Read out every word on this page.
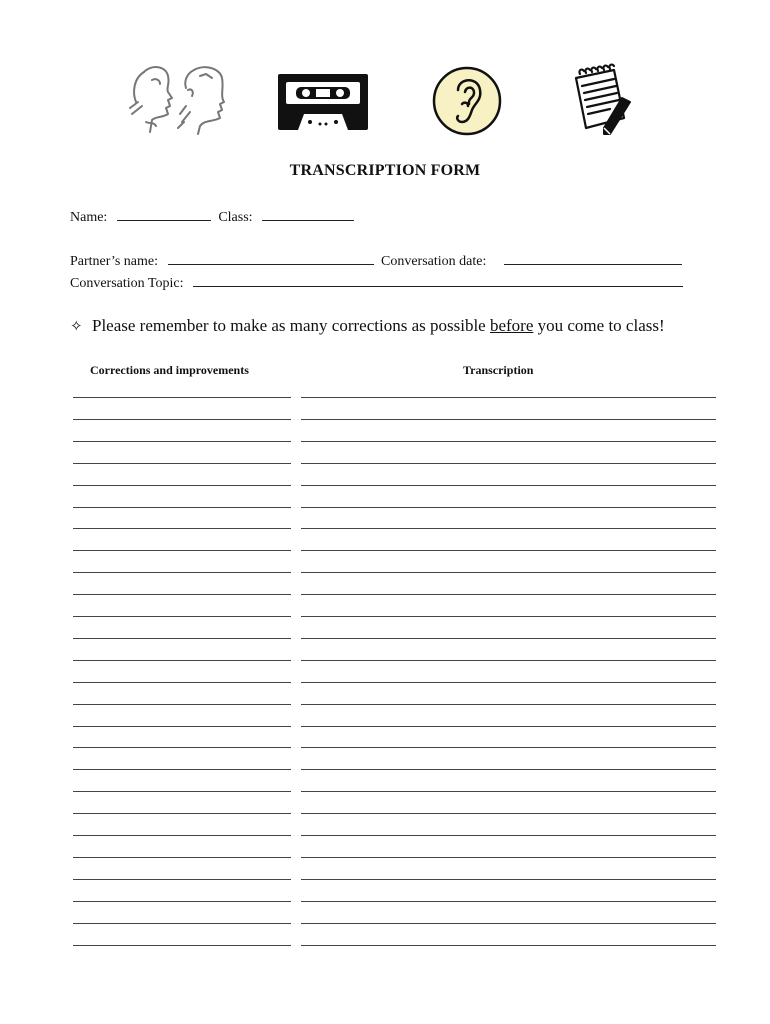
TRANSCRIPTION FORM
Name:	Class:
Partner’s name:	Conversation date:
Conversation Topic:
✧ Please remember to make as many corrections as possible before you come to class!
Corrections and improvements	Transcription
